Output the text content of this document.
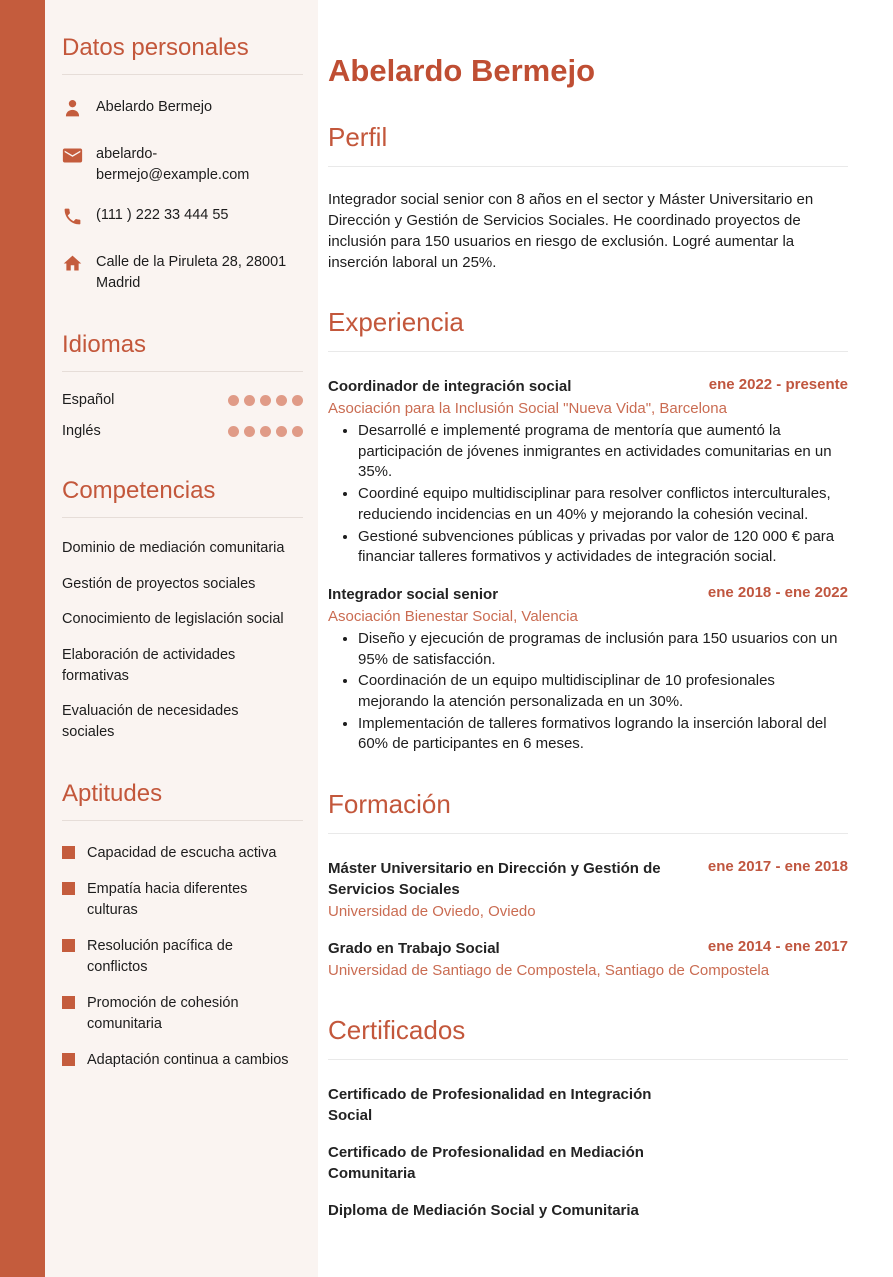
Datos personales
Abelardo Bermejo
abelardo-bermejo@example.com
(111 ) 222 33 444 55
Calle de la Piruleta 28, 28001 Madrid
Idiomas
Español
Inglés
Competencias
Dominio de mediación comunitaria
Gestión de proyectos sociales
Conocimiento de legislación social
Elaboración de actividades formativas
Evaluación de necesidades sociales
Aptitudes
Capacidad de escucha activa
Empatía hacia diferentes culturas
Resolución pacífica de conflictos
Promoción de cohesión comunitaria
Adaptación continua a cambios
Abelardo Bermejo
Perfil

Integrador social senior con 8 años en el sector y Máster Universitario en Dirección y Gestión de Servicios Sociales. He coordinado proyectos de inclusión para 150 usuarios en riesgo de exclusión. Logré aumentar la inserción laboral un 25%.

Experiencia
Coordinador de integración social	ene 2022 - presente
Asociación para la Inclusión Social "Nueva Vida", Barcelona
• Desarrollé e implementé programa de mentoría que aumentó la participación de jóvenes inmigrantes en actividades comunitarias en un 35%.
• Coordiné equipo multidisciplinar para resolver conflictos interculturales, reduciendo incidencias en un 40% y mejorando la cohesión vecinal.
• Gestioné subvenciones públicas y privadas por valor de 120 000 € para financiar talleres formativos y actividades de integración social.
Integrador social senior	ene 2018 - ene 2022
Asociación Bienestar Social, Valencia
• Diseño y ejecución de programas de inclusión para 150 usuarios con un 95% de satisfacción.
• Coordinación de un equipo multidisciplinar de 10 profesionales mejorando la atención personalizada en un 30%.
• Implementación de talleres formativos logrando la inserción laboral del 60% de participantes en 6 meses.
Formación
Máster Universitario en Dirección y Gestión de Servicios Sociales
ene 2017 - ene 2018
Universidad de Oviedo, Oviedo
Grado en Trabajo Social	ene 2014 - ene 2017
Universidad de Santiago de Compostela, Santiago de Compostela
Certificados
Certificado de Profesionalidad en Integración Social
Certificado de Profesionalidad en Mediación Comunitaria
Diploma de Mediación Social y Comunitaria
